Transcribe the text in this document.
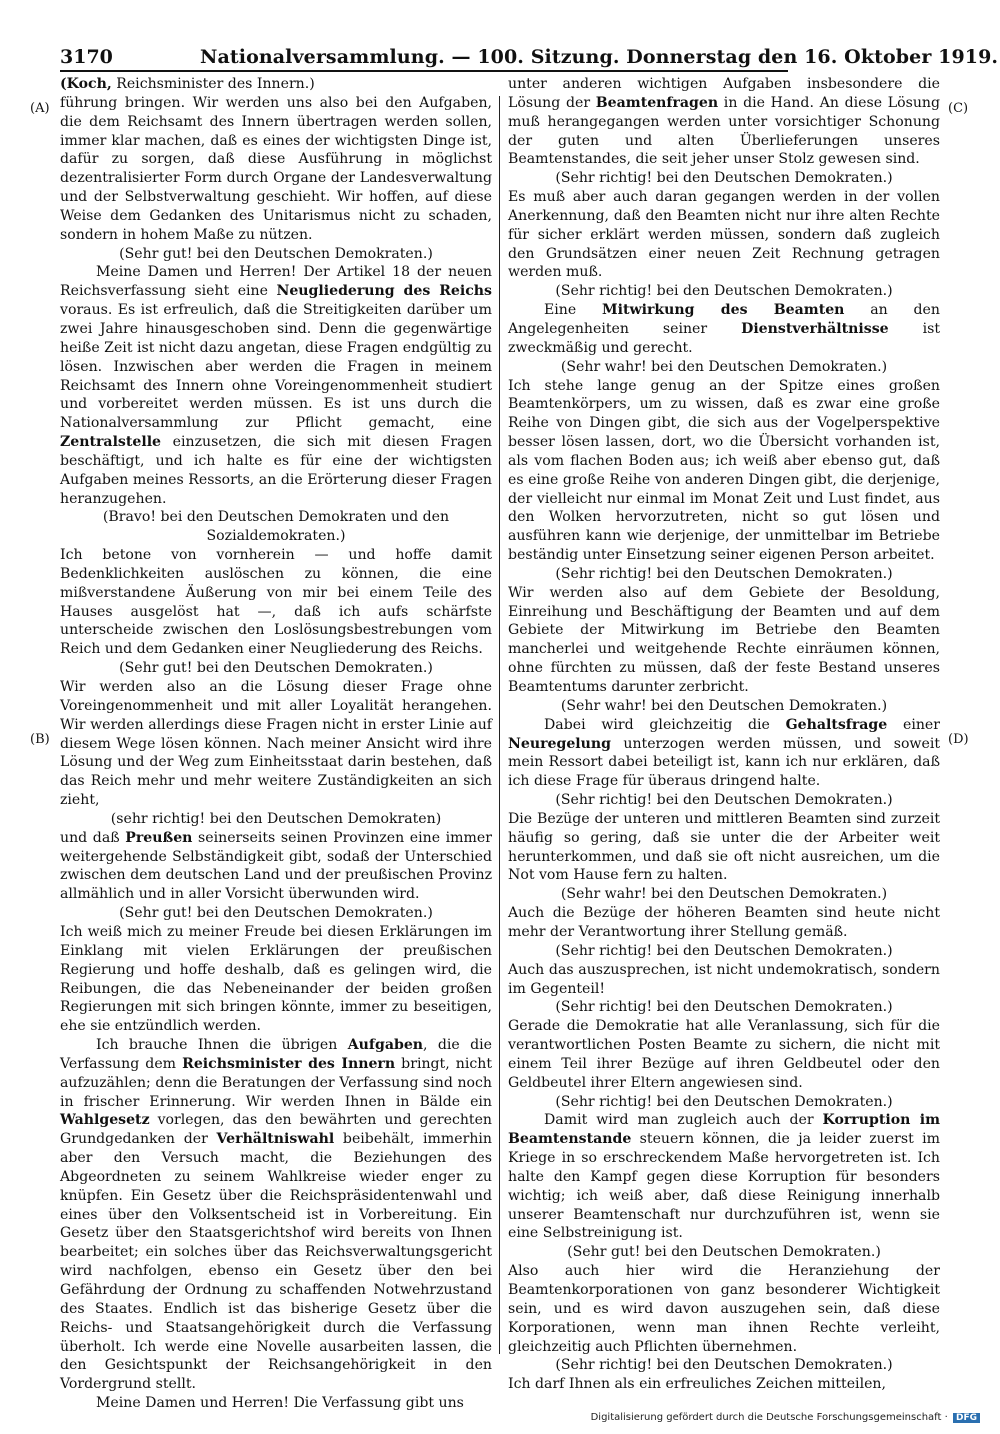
3170	Nationalversammlung. — 100. Sitzung. Donnerstag den 16. Oktober 1919.
(A)
(B)
(C)
(D)

(Koch, Reichsminister des Innern.)

führung bringen. Wir werden uns also bei den Aufgaben, die dem Reichsamt des Innern übertragen werden sollen, immer klar machen, daß es eines der wichtigsten Dinge ist, dafür zu sorgen, daß diese Ausführung in möglichst dezentralisierter Form durch Organe der Landesverwaltung und der Selbstverwaltung geschieht. Wir hoffen, auf diese Weise dem Gedanken des Unitarismus nicht zu schaden, sondern in hohem Maße zu nützen.

(Sehr gut! bei den Deutschen Demokraten.)

Meine Damen und Herren! Der Artikel 18 der neuen Reichsverfassung sieht eine Neugliederung des Reichs voraus. Es ist erfreulich, daß die Streitigkeiten darüber um zwei Jahre hinausgeschoben sind. Denn die gegenwärtige heiße Zeit ist nicht dazu angetan, diese Fragen endgültig zu lösen. Inzwischen aber werden die Fragen in meinem Reichsamt des Innern ohne Voreingenommenheit studiert und vorbereitet werden müssen. Es ist uns durch die Nationalversammlung zur Pflicht gemacht, eine Zentralstelle einzusetzen, die sich mit diesen Fragen beschäftigt, und ich halte es für eine der wichtigsten Aufgaben meines Ressorts, an die Erörterung dieser Fragen heranzugehen.

(Bravo! bei den Deutschen Demokraten und den

Sozialdemokraten.)

Ich betone von vornherein — und hoffe damit Bedenklichkeiten auslöschen zu können, die eine mißverstandene Äußerung von mir bei einem Teile des Hauses ausgelöst hat —, daß ich aufs schärfste unterscheide zwischen den Loslösungsbestrebungen vom Reich und dem Gedanken einer Neugliederung des Reichs.

(Sehr gut! bei den Deutschen Demokraten.)

Wir werden also an die Lösung dieser Frage ohne Voreingenommenheit und mit aller Loyalität herangehen. Wir werden allerdings diese Fragen nicht in erster Linie auf diesem Wege lösen können. Nach meiner Ansicht wird ihre Lösung und der Weg zum Einheitsstaat darin bestehen, daß das Reich mehr und mehr weitere Zuständigkeiten an sich zieht,

(sehr richtig! bei den Deutschen Demokraten)

und daß Preußen seinerseits seinen Provinzen eine immer weitergehende Selbständigkeit gibt, sodaß der Unterschied zwischen dem deutschen Land und der preußischen Provinz allmählich und in aller Vorsicht überwunden wird.

(Sehr gut! bei den Deutschen Demokraten.)

Ich weiß mich zu meiner Freude bei diesen Erklärungen im Einklang mit vielen Erklärungen der preußischen Regierung und hoffe deshalb, daß es gelingen wird, die Reibungen, die das Nebeneinander der beiden großen Regierungen mit sich bringen könnte, immer zu beseitigen, ehe sie entzündlich werden.

Ich brauche Ihnen die übrigen Aufgaben, die die Verfassung dem Reichsminister des Innern bringt, nicht aufzuzählen; denn die Beratungen der Verfassung sind noch in frischer Erinnerung. Wir werden Ihnen in Bälde ein Wahlgesetz vorlegen, das den bewährten und gerechten Grundgedanken der Verhältniswahl beibehält, immerhin aber den Versuch macht, die Beziehungen des Abgeordneten zu seinem Wahlkreise wieder enger zu knüpfen. Ein Gesetz über die Reichspräsidentenwahl und eines über den Volksentscheid ist in Vorbereitung. Ein Gesetz über den Staatsgerichtshof wird bereits von Ihnen bearbeitet; ein solches über das Reichsverwaltungsgericht wird nachfolgen, ebenso ein Gesetz über den bei Gefährdung der Ordnung zu schaffenden Notwehrzustand des Staates. Endlich ist das bisherige Gesetz über die Reichs- und Staatsangehörigkeit durch die Verfassung überholt. Ich werde eine Novelle ausarbeiten lassen, die den Gesichtspunkt der Reichsangehörigkeit in den Vordergrund stellt.

Meine Damen und Herren! Die Verfassung gibt uns

unter anderen wichtigen Aufgaben insbesondere die Lösung der Beamtenfragen in die Hand. An diese Lösung muß herangegangen werden unter vorsichtiger Schonung der guten und alten Überlieferungen unseres Beamtenstandes, die seit jeher unser Stolz gewesen sind.

(Sehr richtig! bei den Deutschen Demokraten.)

Es muß aber auch daran gegangen werden in der vollen Anerkennung, daß den Beamten nicht nur ihre alten Rechte für sicher erklärt werden müssen, sondern daß zugleich den Grundsätzen einer neuen Zeit Rechnung getragen werden muß.

(Sehr richtig! bei den Deutschen Demokraten.)

Eine Mitwirkung des Beamten an den Angelegenheiten seiner Dienstverhältnisse ist zweckmäßig und gerecht.

(Sehr wahr! bei den Deutschen Demokraten.)

Ich stehe lange genug an der Spitze eines großen Beamtenkörpers, um zu wissen, daß es zwar eine große Reihe von Dingen gibt, die sich aus der Vogelperspektive besser lösen lassen, dort, wo die Übersicht vorhanden ist, als vom flachen Boden aus; ich weiß aber ebenso gut, daß es eine große Reihe von anderen Dingen gibt, die derjenige, der vielleicht nur einmal im Monat Zeit und Lust findet, aus den Wolken hervorzutreten, nicht so gut lösen und ausführen kann wie derjenige, der unmittelbar im Betriebe beständig unter Einsetzung seiner eigenen Person arbeitet.

(Sehr richtig! bei den Deutschen Demokraten.)

Wir werden also auf dem Gebiete der Besoldung, Einreihung und Beschäftigung der Beamten und auf dem Gebiete der Mitwirkung im Betriebe den Beamten mancherlei und weitgehende Rechte einräumen können, ohne fürchten zu müssen, daß der feste Bestand unseres Beamtentums darunter zerbricht.

(Sehr wahr! bei den Deutschen Demokraten.)

Dabei wird gleichzeitig die Gehaltsfrage einer Neuregelung unterzogen werden müssen, und soweit mein Ressort dabei beteiligt ist, kann ich nur erklären, daß ich diese Frage für überaus dringend halte.

(Sehr richtig! bei den Deutschen Demokraten.)

Die Bezüge der unteren und mittleren Beamten sind zurzeit häufig so gering, daß sie unter die der Arbeiter weit herunterkommen, und daß sie oft nicht ausreichen, um die Not vom Hause fern zu halten.

(Sehr wahr! bei den Deutschen Demokraten.)

Auch die Bezüge der höheren Beamten sind heute nicht mehr der Verantwortung ihrer Stellung gemäß.

(Sehr richtig! bei den Deutschen Demokraten.)

Auch das auszusprechen, ist nicht undemokratisch, sondern im Gegenteil!

(Sehr richtig! bei den Deutschen Demokraten.)

Gerade die Demokratie hat alle Veranlassung, sich für die verantwortlichen Posten Beamte zu sichern, die nicht mit einem Teil ihrer Bezüge auf ihren Geldbeutel oder den Geldbeutel ihrer Eltern angewiesen sind.

(Sehr richtig! bei den Deutschen Demokraten.)

Damit wird man zugleich auch der Korruption im Beamtenstande steuern können, die ja leider zuerst im Kriege in so erschreckendem Maße hervorgetreten ist. Ich halte den Kampf gegen diese Korruption für besonders wichtig; ich weiß aber, daß diese Reinigung innerhalb unserer Beamtenschaft nur durchzuführen ist, wenn sie eine Selbstreinigung ist.

(Sehr gut! bei den Deutschen Demokraten.)

Also auch hier wird die Heranziehung der Beamtenkorporationen von ganz besonderer Wichtigkeit sein, und es wird davon auszugehen sein, daß diese Korporationen, wenn man ihnen Rechte verleiht, gleichzeitig auch Pflichten übernehmen.

(Sehr richtig! bei den Deutschen Demokraten.)

Ich darf Ihnen als ein erfreuliches Zeichen mitteilen,

Digitalisierung gefördert durch die Deutsche Forschungsgemeinschaft · DFG
